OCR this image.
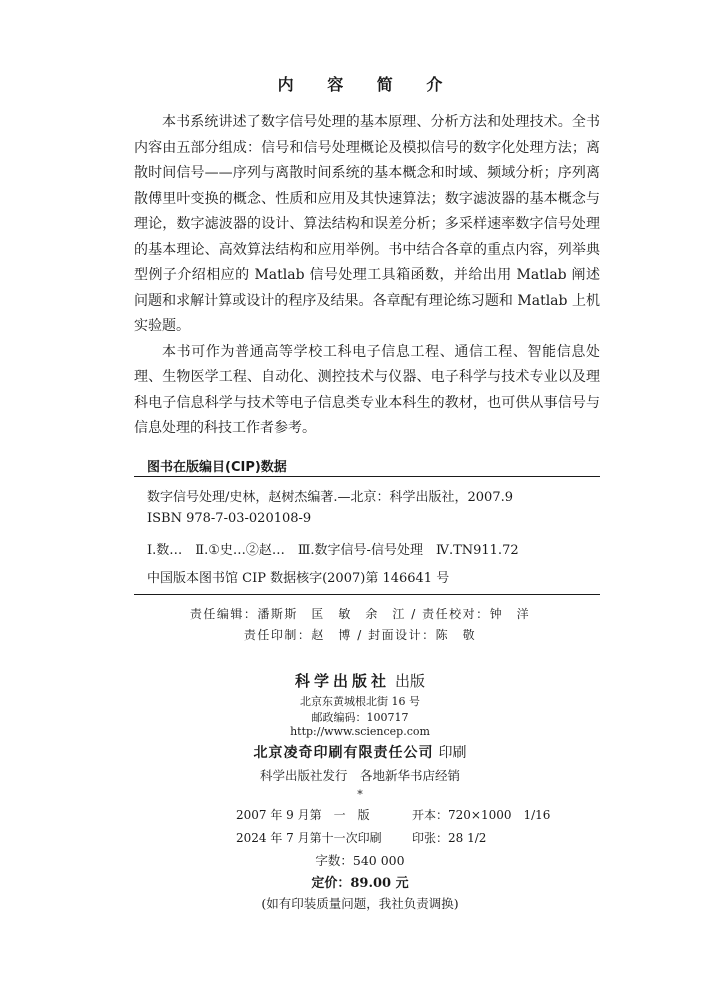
内 容 简 介

本书系统讲述了数字信号处理的基本原理、分析方法和处理技术。全书内容由五部分组成：信号和信号处理概论及模拟信号的数字化处理方法；离散时间信号——序列与离散时间系统的基本概念和时域、频域分析；序列离散傅里叶变换的概念、性质和应用及其快速算法；数字滤波器的基本概念与理论，数字滤波器的设计、算法结构和误差分析；多采样速率数字信号处理的基本理论、高效算法结构和应用举例。书中结合各章的重点内容，列举典型例子介绍相应的 Matlab 信号处理工具箱函数，并给出用 Matlab 阐述问题和求解计算或设计的程序及结果。各章配有理论练习题和 Matlab 上机实验题。

本书可作为普通高等学校工科电子信息工程、通信工程、智能信息处理、生物医学工程、自动化、测控技术与仪器、电子科学与技术专业以及理科电子信息科学与技术等电子信息类专业本科生的教材，也可供从事信号与信息处理的科技工作者参考。

图书在版编目(CIP)数据
数字信号处理/史林，赵树杰编著.—北京：科学出版社，2007.9
ISBN 978-7-03-020108-9
Ⅰ.数…　Ⅱ.①史…②赵…　Ⅲ.数字信号-信号处理　Ⅳ.TN911.72
中国版本图书馆 CIP 数据核字(2007)第 146641 号
责任编辑：潘斯斯　匡　敏　余　江 / 责任校对：钟　洋
责任印制：赵　博 / 封面设计：陈　敬
科学出版社 出版
北京东黄城根北街 16 号
邮政编码：100717
http://www.sciencep.com
北京凌奇印刷有限责任公司 印刷
科学出版社发行　各地新华书店经销
*
2007 年 9 月第　一　版	开本：720×1000　1/16
2024 年 7 月第十一次印刷	印张：28 1/2
字数：540 000
定价：89.00 元
(如有印装质量问题，我社负责调换)
